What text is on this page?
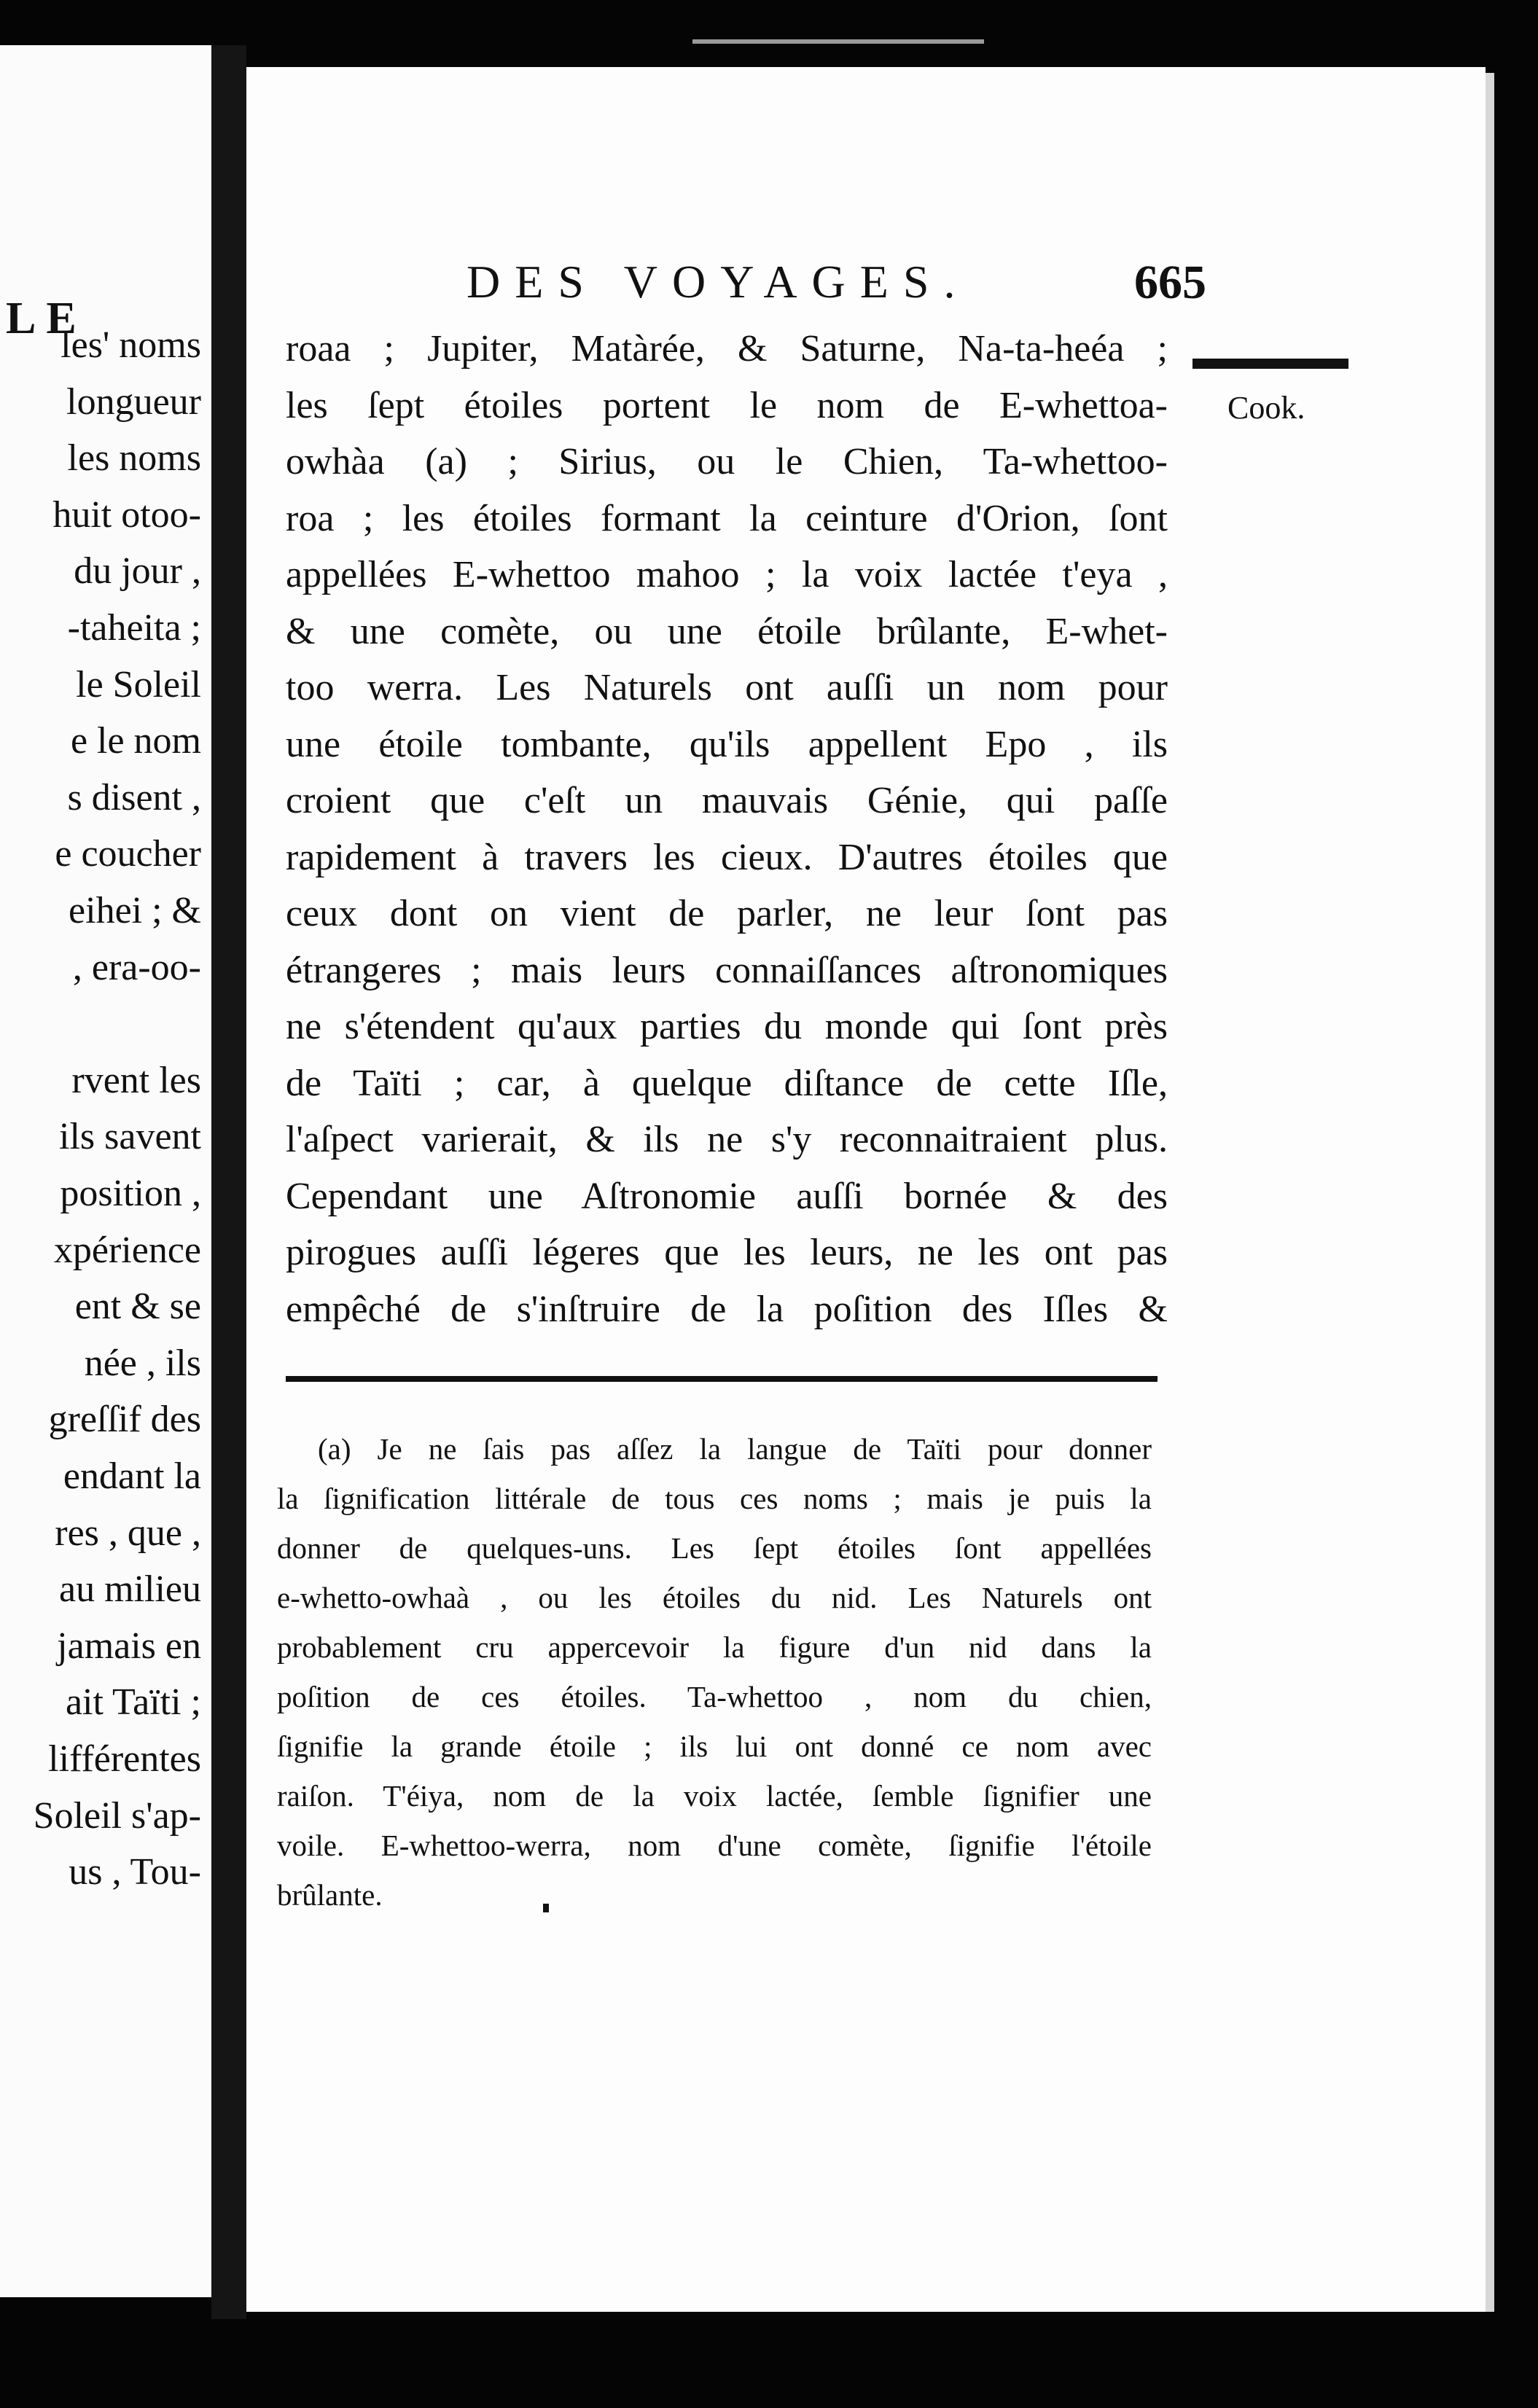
LE
les' noms
longueur
les noms
huit otoo-
du jour ,
-taheita ;
le Soleil
e le nom
s disent ,
e coucher
eihei ; &
, era-oo-
rvent les
ils savent
position ,
xpérience
ent & se
née , ils
greſſif des
endant la
res , que ,
au milieu
jamais en
ait Taïti ;
lifférentes
Soleil s'ap-
us , Tou-
DES VOYAGES.	665
Cook.
roaa ; Jupiter, Matàrée, & Saturne, Na-ta-heéa ;
les ſept étoiles portent le nom de E-whettoa-
owhàa (a) ; Sirius, ou le Chien, Ta-whettoo-
roa ; les étoiles formant la ceinture d'Orion, ſont
appellées E-whettoo mahoo ; la voix lactée t'eya ,
& une comète, ou une étoile brûlante, E-whet-
too werra. Les Naturels ont auſſi un nom pour
une étoile tombante, qu'ils appellent Epo , ils
croient que c'eſt un mauvais Génie, qui paſſe
rapidement à travers les cieux. D'autres étoiles que
ceux dont on vient de parler, ne leur ſont pas
étrangeres ; mais leurs connaiſſances aſtronomiques
ne s'étendent qu'aux parties du monde qui ſont près
de Taïti ; car, à quelque diſtance de cette Iſle,
l'aſpect varierait, & ils ne s'y reconnaitraient plus.
Cependant une Aſtronomie auſſi bornée & des
pirogues auſſi légeres que les leurs, ne les ont pas
empêché de s'inſtruire de la poſition des Iſles &
(a) Je ne ſais pas aſſez la langue de Taïti pour donner
la ſignification littérale de tous ces noms ; mais je puis la
donner de quelques-uns. Les ſept étoiles ſont appellées
e-whetto-owhaà , ou les étoiles du nid. Les Naturels ont
probablement cru appercevoir la figure d'un nid dans la
poſition de ces étoiles. Ta-whettoo , nom du chien,
ſignifie la grande étoile ; ils lui ont donné ce nom avec
raiſon. T'éiya, nom de la voix lactée, ſemble ſignifier une
voile. E-whettoo-werra, nom d'une comète, ſignifie l'étoile
brûlante.
